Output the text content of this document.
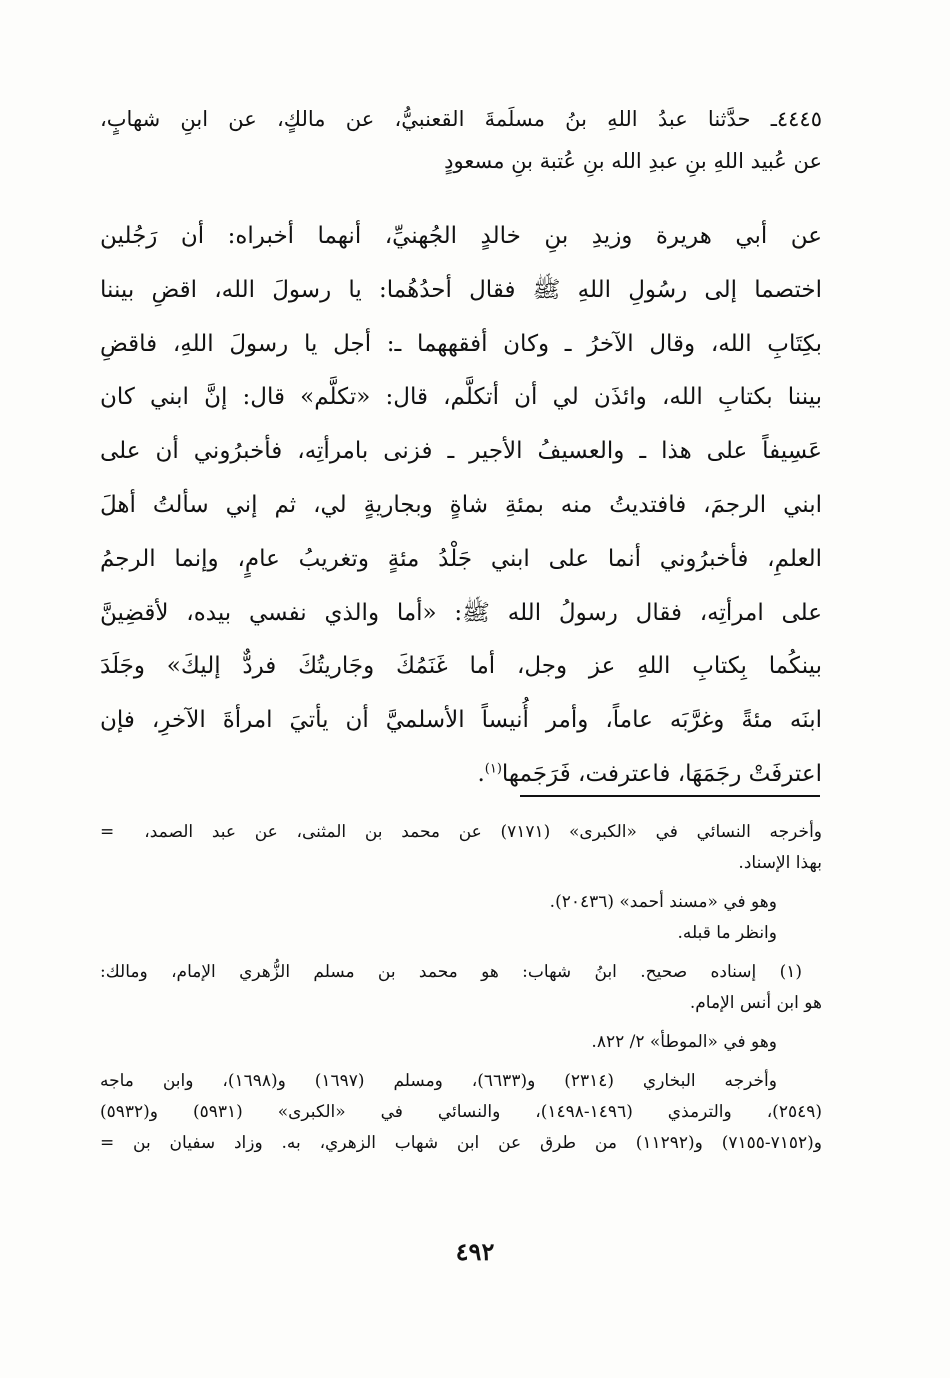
٤٤٤٥ـ حدَّثنا عبدُ اللهِ بنُ مسلَمةَ القعنبيُّ، عن مالكٍ، عن ابنِ شهابٍ،
عن عُبيد اللهِ بنِ عبدِ الله بنِ عُتبة بنِ مسعودٍ
عن أبي هريرة وزيدِ بنِ خالدٍ الجُهنيِّ، أنهما أخبراه: أن رَجُلين
اختصما إلى رسُولِ اللهِ ﷺ فقال أحدُهُما: يا رسولَ الله، اقضِ بيننا
بكِتَابِ الله، وقال الآخرُ ـ وكان أفقههما ـ: أجل يا رسولَ اللهِ، فاقضِ
بيننا بكتابِ الله، وائذَن لي أن أتكلَّم، قال: «تكلَّم» قال: إنَّ ابني كان
عَسِيفاً على هذا ـ والعسيفُ الأجير ـ فزنى بامرأتِه، فأخبرُوني أن على
ابني الرجمَ، فافتديتُ منه بمئةِ شاةٍ وبجاريةٍ لي، ثم إني سألتُ أهلَ
العلمِ، فأخبرُوني أنما على ابني جَلْدُ مئةٍ وتغريبُ عامٍ، وإنما الرجمُ
على امرأتِه، فقال رسولُ الله ﷺ: «أما والذي نفسي بيده، لأقضِينَّ
بينكُما بِكتابِ اللهِ عز وجل، أما غَنَمُكَ وجَاريتُكَ فردٌّ إليكَ» وجَلَدَ
ابنَه مئةً وغرَّبَه عاماً، وأمر أُنيساً الأسلميَّ أن يأتيَ امرأةَ الآخرِ، فإن
اعترفَتْ رجَمَهَا، فاعترفت، فَرَجَمها$^{(١)}$.
وأخرجه النسائي في «الكبرى» (٧١٧١) عن محمد بن المثنى، عن عبد الصمد،=
بهذا الإسناد.
وهو في «مسند أحمد» (٢٠٤٣٦).
وانظر ما قبله.
(١) إسناده صحيح. ابنُ شهاب: هو محمد بن مسلم الزُّهري الإمام، ومالك:
هو ابن أنس الإمام.
وهو في «الموطأ» ٢/ ٨٢٢.
وأخرجه البخاري (٢٣١٤) و(٦٦٣٣)، ومسلم (١٦٩٧) و(١٦٩٨)، وابن ماجه
(٢٥٤٩)، والترمذي (١٤٩٦-١٤٩٨)، والنسائي في «الكبرى» (٥٩٣١) و(٥٩٣٢)
و(٧١٥٢-٧١٥٥) و(١١٢٩٢) من طرق عن ابن شهاب الزهري، به. وزاد سفيان بن =
٤٩٢
